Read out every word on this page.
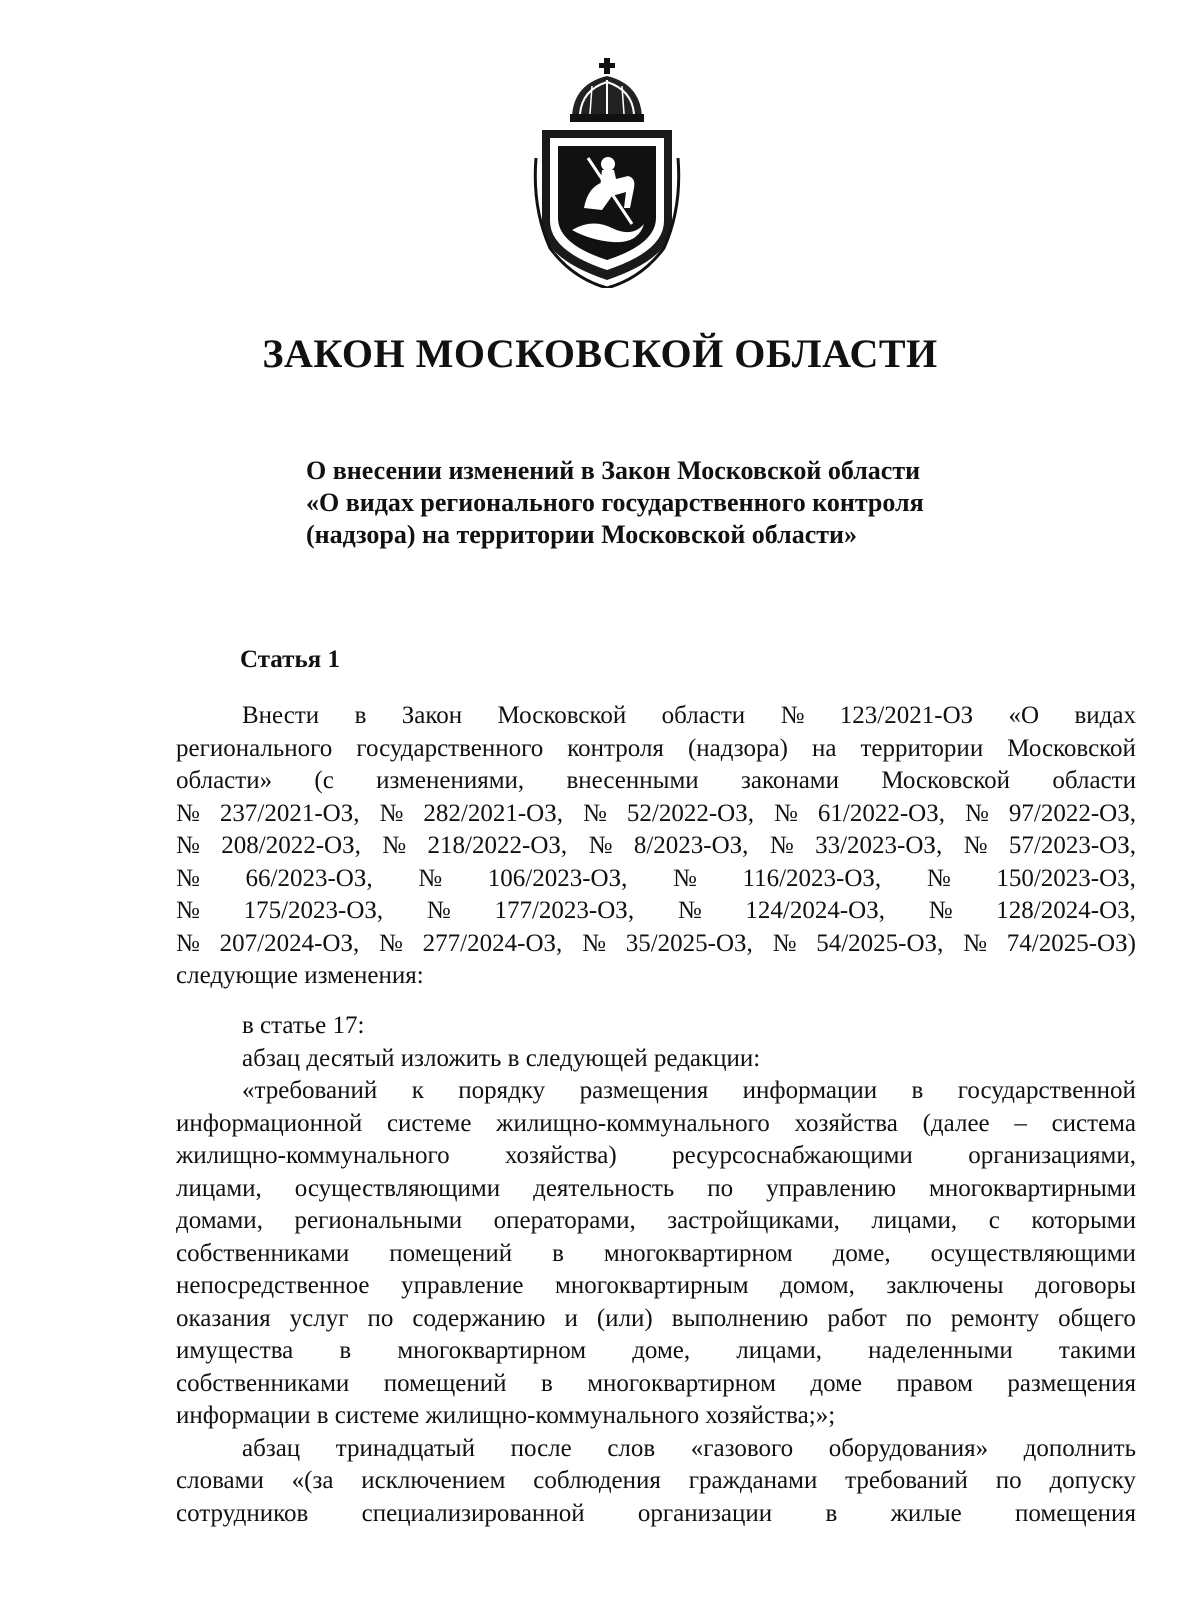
ЗАКОН МОСКОВСКОЙ ОБЛАСТИ
О внесении изменений в Закон Московской области
«О видах регионального государственного контроля
(надзора) на территории Московской области»
Статья 1
Внести в Закон Московской области № 123/2021-ОЗ «О видах
регионального государственного контроля (надзора) на территории Московской
области» (с изменениями, внесенными законами Московской области
№ 237/2021-ОЗ, № 282/2021-ОЗ, № 52/2022-ОЗ, № 61/2022-ОЗ, № 97/2022-ОЗ,
№ 208/2022-ОЗ, № 218/2022-ОЗ, № 8/2023-ОЗ, № 33/2023-ОЗ, № 57/2023-ОЗ,
№ 66/2023-ОЗ, № 106/2023-ОЗ, № 116/2023-ОЗ, № 150/2023-ОЗ,
№ 175/2023-ОЗ, № 177/2023-ОЗ, № 124/2024-ОЗ, № 128/2024-ОЗ,
№ 207/2024-ОЗ, № 277/2024-ОЗ, № 35/2025-ОЗ, № 54/2025-ОЗ, № 74/2025-ОЗ)
следующие изменения:
в статье 17:
абзац десятый изложить в следующей редакции:
«требований к порядку размещения информации в государственной
информационной системе жилищно-коммунального хозяйства (далее – система
жилищно-коммунального хозяйства) ресурсоснабжающими организациями,
лицами, осуществляющими деятельность по управлению многоквартирными
домами, региональными операторами, застройщиками, лицами, с которыми
собственниками помещений в многоквартирном доме, осуществляющими
непосредственное управление многоквартирным домом, заключены договоры
оказания услуг по содержанию и (или) выполнению работ по ремонту общего
имущества в многоквартирном доме, лицами, наделенными такими
собственниками помещений в многоквартирном доме правом размещения
информации в системе жилищно-коммунального хозяйства;»;
абзац тринадцатый после слов «газового оборудования» дополнить
словами «(за исключением соблюдения гражданами требований по допуску
сотрудников специализированной организации в жилые помещения
